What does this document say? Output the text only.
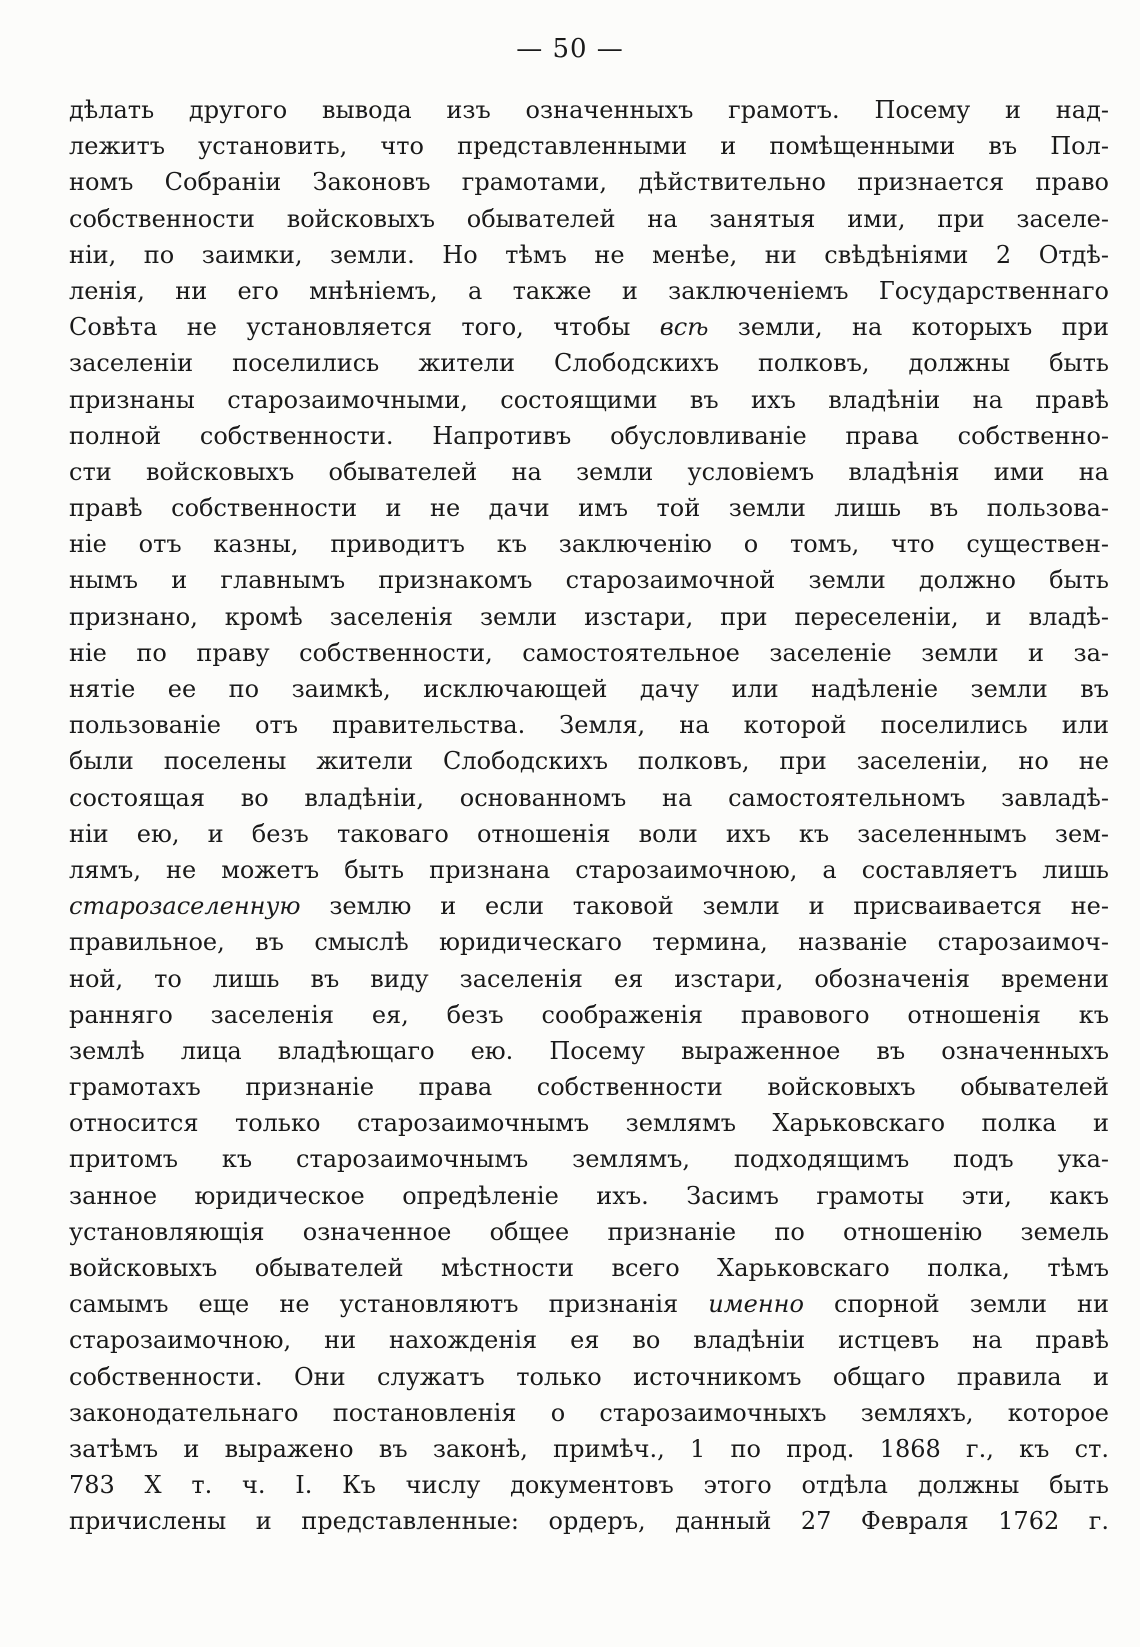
— 50 —
дѣлать другого вывода изъ означенныхъ грамотъ. Посему и над-
лежитъ установить, что представленными и помѣщенными въ Пол-
номъ Собраніи Законовъ грамотами, дѣйствительно признается право
собственности войсковыхъ обывателей на занятыя ими, при заселе-
ніи, по заимки, земли. Но тѣмъ не менѣе, ни свѣдѣніями 2 Отдѣ-
ленія, ни его мнѣніемъ, а также и заключеніемъ Государственнаго
Совѣта не установляется того, чтобы всѣ земли, на которыхъ при
заселеніи поселились жители Слободскихъ полковъ, должны быть
признаны старозаимочными, состоящими въ ихъ владѣніи на правѣ
полной собственности. Напротивъ обусловливаніе права собственно-
сти войсковыхъ обывателей на земли условіемъ владѣнія ими на
правѣ собственности и не дачи имъ той земли лишь въ пользова-
ніе отъ казны, приводитъ къ заключенію о томъ, что существен-
нымъ и главнымъ признакомъ старозаимочной земли должно быть
признано, кромѣ заселенія земли изстари, при переселеніи, и владѣ-
ніе по праву собственности, самостоятельное заселеніе земли и за-
нятіе ее по заимкѣ, исключающей дачу или надѣленіе земли въ
пользованіе отъ правительства. Земля, на которой поселились или
были поселены жители Слободскихъ полковъ, при заселеніи, но не
состоящая во владѣніи, основанномъ на самостоятельномъ завладѣ-
ніи ею, и безъ таковаго отношенія воли ихъ къ заселеннымъ зем-
лямъ, не можетъ быть признана старозаимочною, а составляетъ лишь
старозаселенную землю и если таковой земли и присваивается не-
правильное, въ смыслѣ юридическаго термина, названіе старозаимоч-
ной, то лишь въ виду заселенія ея изстари, обозначенія времени
ранняго заселенія ея, безъ соображенія правового отношенія къ
землѣ лица владѣющаго ею. Посему выраженное въ означенныхъ
грамотахъ признаніе права собственности войсковыхъ обывателей
относится только старозаимочнымъ землямъ Харьковскаго полка и
притомъ къ старозаимочнымъ землямъ, подходящимъ подъ ука-
занное юридическое опредѣленіе ихъ. Засимъ грамоты эти, какъ
установляющія означенное общее признаніе по отношенію земель
войсковыхъ обывателей мѣстности всего Харьковскаго полка, тѣмъ
самымъ еще не установляютъ признанія именно спорной земли ни
старозаимочною, ни нахожденія ея во владѣніи истцевъ на правѣ
собственности. Они служатъ только источникомъ общаго правила и
законодательнаго постановленія о старозаимочныхъ земляхъ, которое
затѣмъ и выражено въ законѣ, примѣч., 1 по прод. 1868 г., къ ст.
783 X т. ч. I. Къ числу документовъ этого отдѣла должны быть
причислены и представленные: ордеръ, данный 27 Февраля 1762 г.
